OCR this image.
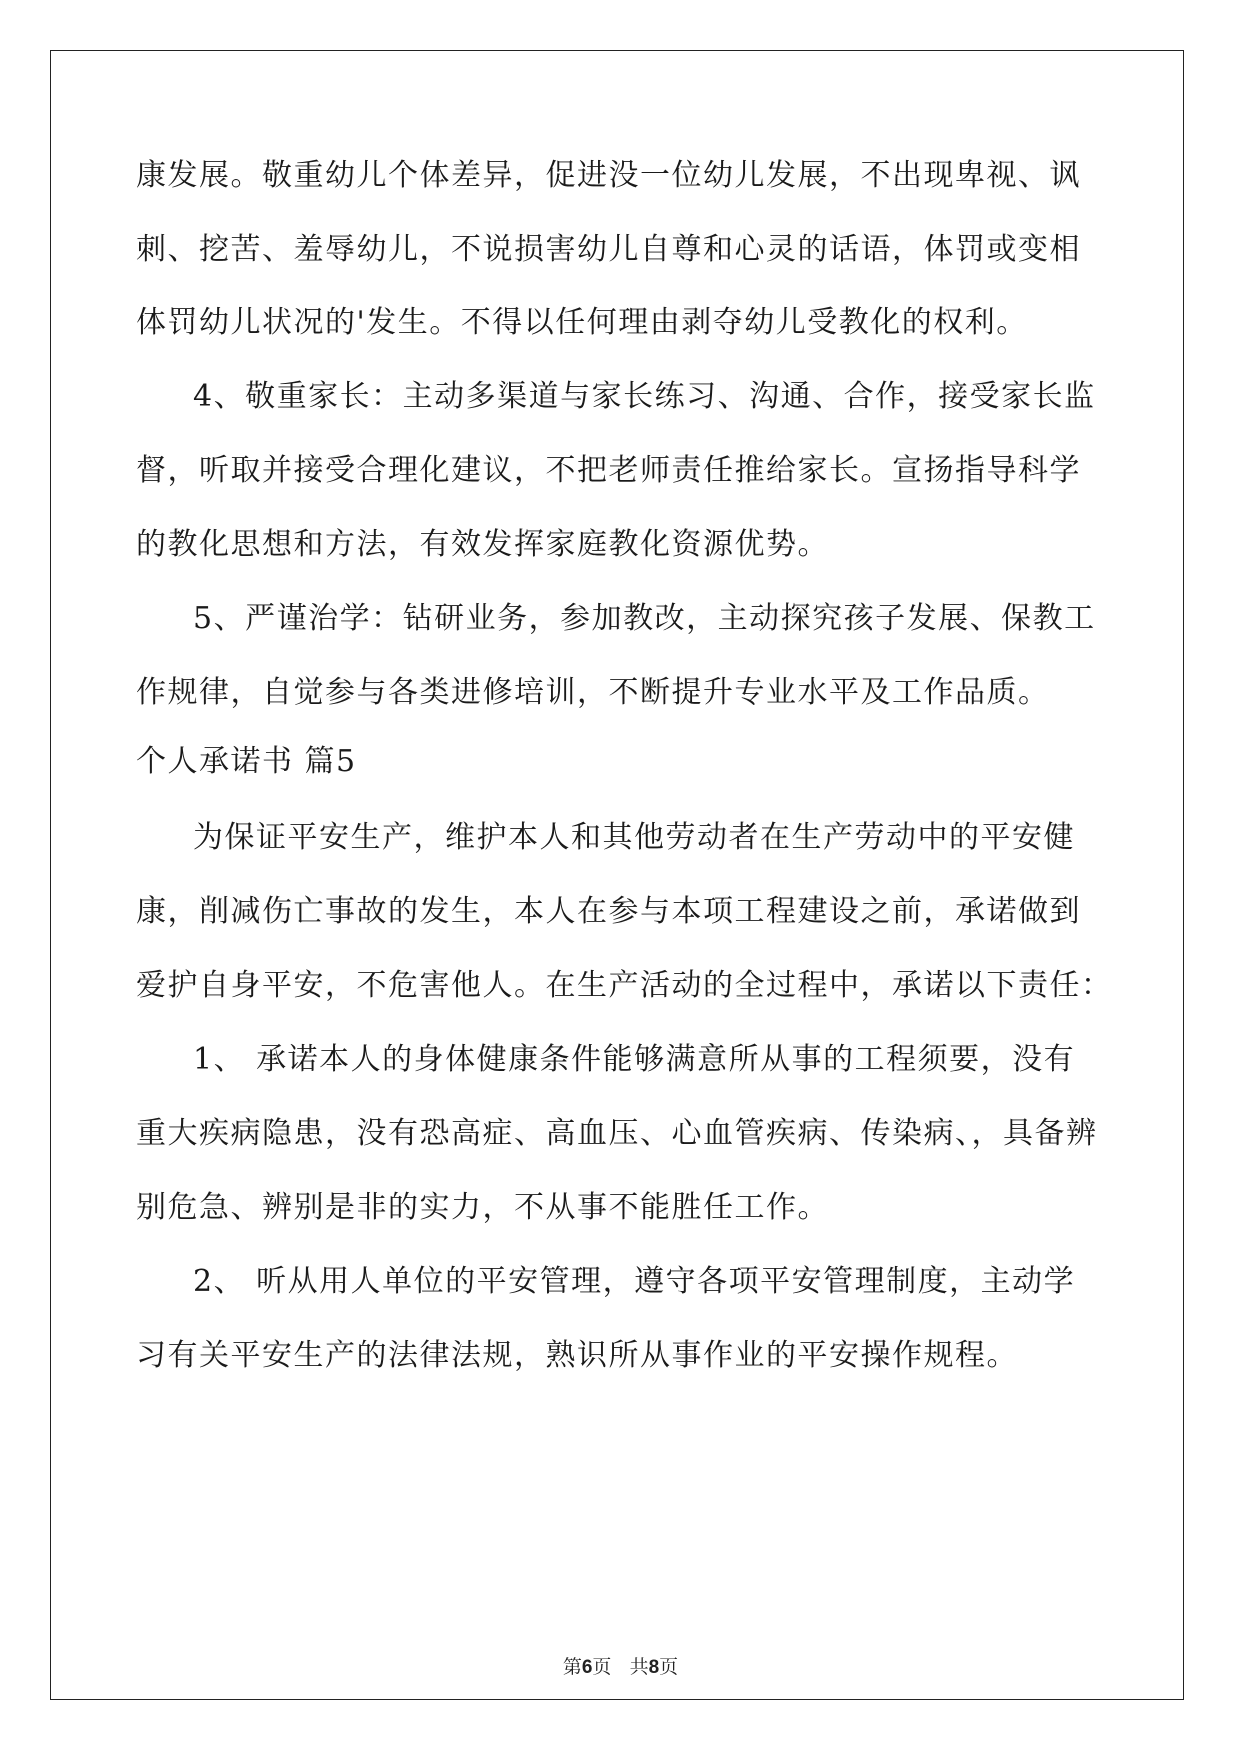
康发展。敬重幼儿个体差异，促进没一位幼儿发展，不出现卑视、讽
刺、挖苦、羞辱幼儿，不说损害幼儿自尊和心灵的话语，体罚或变相
体罚幼儿状况的'发生。不得以任何理由剥夺幼儿受教化的权利。
4、敬重家长：主动多渠道与家长练习、沟通、合作，接受家长监
督，听取并接受合理化建议，不把老师责任推给家长。宣扬指导科学
的教化思想和方法，有效发挥家庭教化资源优势。
5、严谨治学：钻研业务，参加教改，主动探究孩子发展、保教工
作规律，自觉参与各类进修培训，不断提升专业水平及工作品质。
个人承诺书 篇5
为保证平安生产，维护本人和其他劳动者在生产劳动中的平安健
康，削减伤亡事故的发生，本人在参与本项工程建设之前，承诺做到
爱护自身平安，不危害他人。在生产活动的全过程中，承诺以下责任：
1、 承诺本人的身体健康条件能够满意所从事的工程须要，没有
重大疾病隐患，没有恐高症、高血压、心血管疾病、传染病、，具备辨
别危急、辨别是非的实力，不从事不能胜任工作。
2、 听从用人单位的平安管理，遵守各项平安管理制度，主动学
习有关平安生产的法律法规，熟识所从事作业的平安操作规程。
第6页 共8页
